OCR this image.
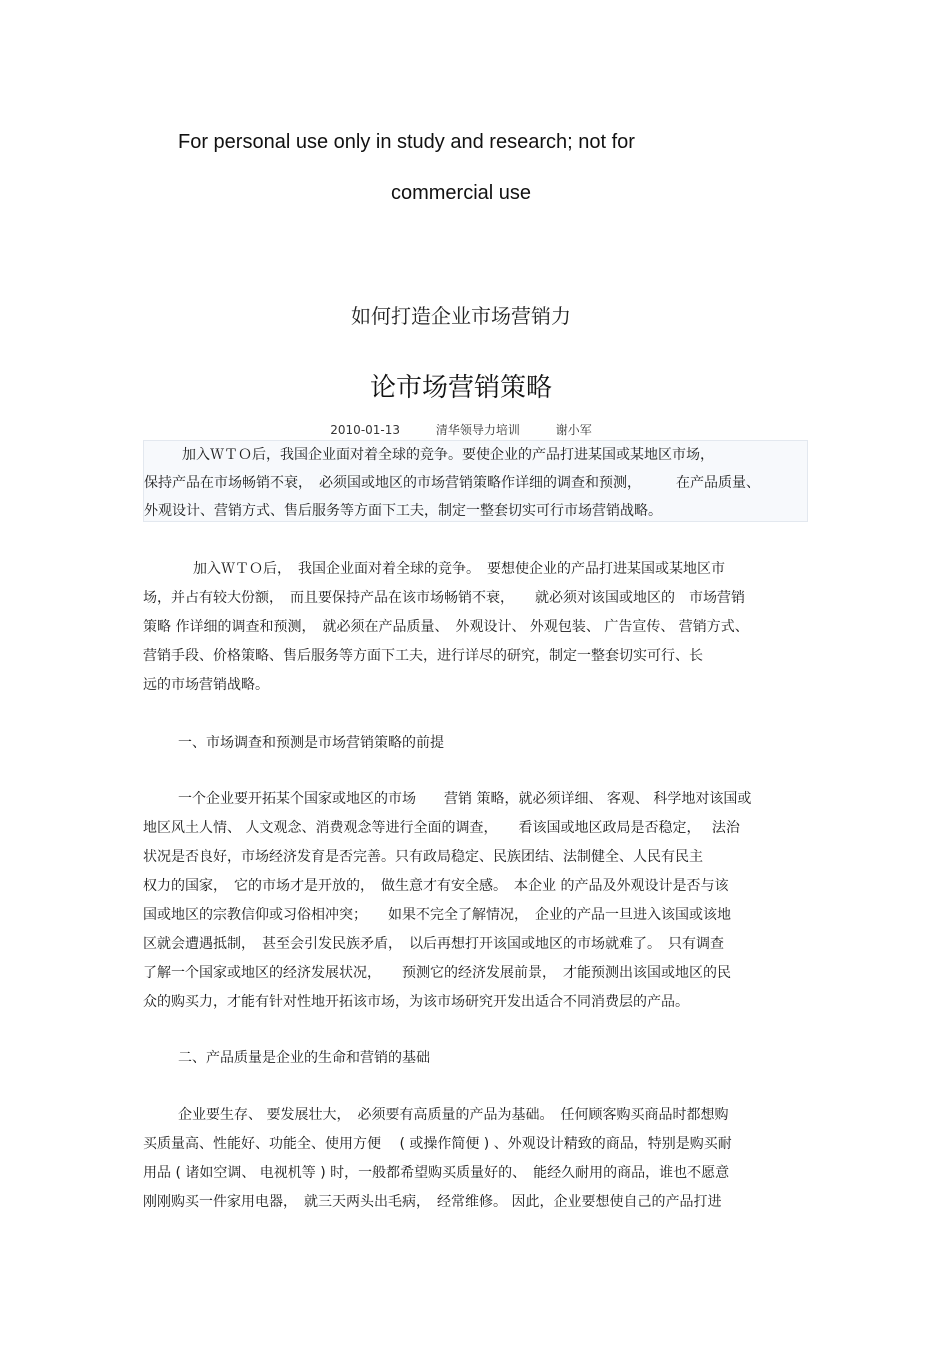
For personal use only in study and research; not for
commercial use
如何打造企业市场营销力
论市场营销策略
2010-01-13	清华领导力培训	谢小军

加入ＷＴＯ后，我国企业面对着全球的竞争。要使企业的产品打进某国或某地区市场，

保持产品在市场畅销不衰，　必须国或地区的市场营销策略作详细的调查和预测，　　　在产品质量、

外观设计、营销方式、售后服务等方面下工夫，制定一整套切实可行市场营销战略。

加入ＷＴＯ后，　我国企业面对着全球的竞争。　要想使企业的产品打进某国或某地区市

场，并占有较大份额，　而且要保持产品在该市场畅销不衰，　　就必须对该国或地区的　市场营销

策略 作详细的调查和预测，　就必须在产品质量、　外观设计、 外观包装、 广告宣传、 营销方式、

营销手段、价格策略、售后服务等方面下工夫，进行详尽的研究，制定一整套切实可行、长

远的市场营销战略。

一、市场调查和预测是市场营销策略的前提

一个企业要开拓某个国家或地区的市场　　营销 策略，就必须详细、 客观、 科学地对该国或

地区风土人情、 人文观念、消费观念等进行全面的调查，　　看该国或地区政局是否稳定，　 法治

状况是否良好，市场经济发育是否完善。只有政局稳定、民族团结、法制健全、人民有民主

权力的国家，　它的市场才是开放的，　做生意才有安全感。　本企业 的产品及外观设计是否与该

国或地区的宗教信仰或习俗相冲突；　　如果不完全了解情况，　企业的产品一旦进入该国或该地

区就会遭遇抵制，　甚至会引发民族矛盾，　以后再想打开该国或地区的市场就难了。　只有调查

了解一个国家或地区的经济发展状况，　　预测它的经济发展前景，　才能预测出该国或地区的民

众的购买力，才能有针对性地开拓该市场，为该市场研究开发出适合不同消费层的产品。

二、产品质量是企业的生命和营销的基础

企业要生存、 要发展壮大，　必须要有高质量的产品为基础。　任何顾客购买商品时都想购

买质量高、性能好、功能全、使用方便　 ( 或操作简便 ) 、外观设计精致的商品，特别是购买耐

用品 ( 诸如空调、 电视机等 ) 时，一般都希望购买质量好的、　能经久耐用的商品，谁也不愿意

刚刚购买一件家用电器，　就三天两头出毛病，　经常维修。 因此，企业要想使自己的产品打进
